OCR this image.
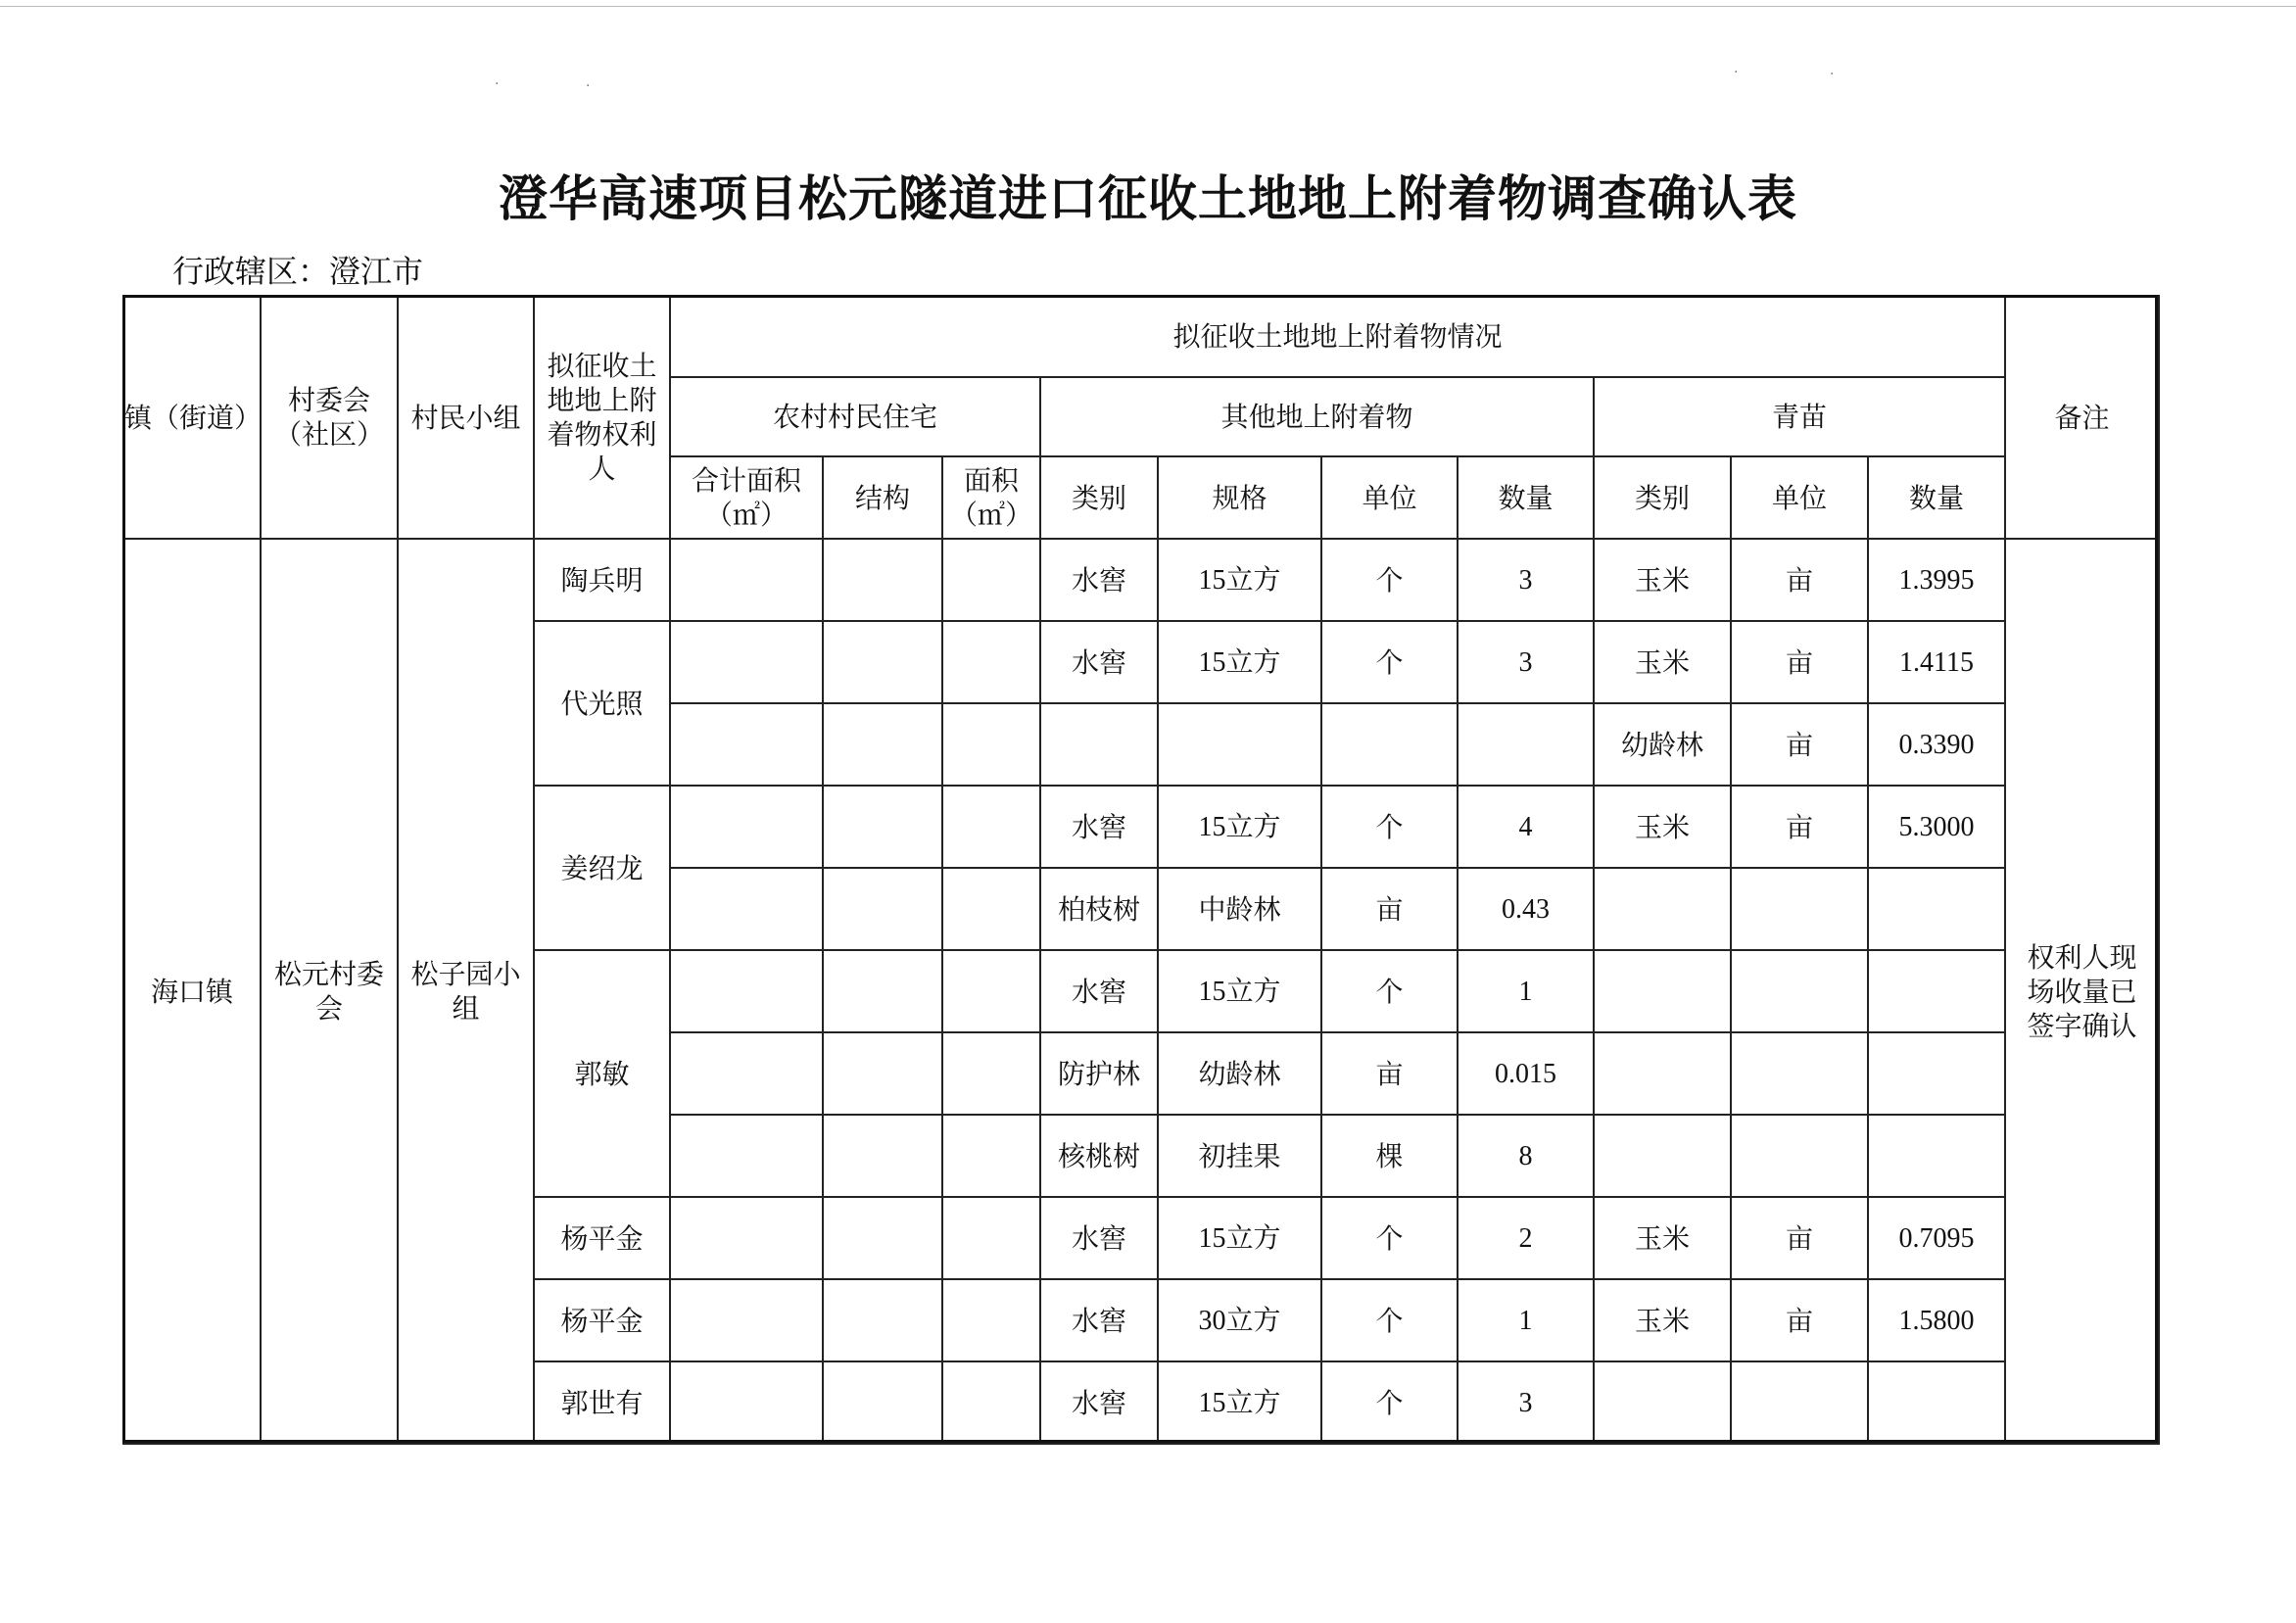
·	·
·	·
澄华高速项目松元隧道进口征收土地地上附着物调查确认表
行政辖区：澄江市
镇（街道）	村委会（社区）	村民小组	拟征收土地地上附着物权利人	拟征收土地地上附着物情况										备注
				农村村民住宅			其他地上附着物				青苗			
				合计面积（㎡）	结构	面积（㎡）	类别	规格	单位	数量	类别	单位	数量	
海口镇	松元村委会	松子园小组	陶兵明				水窖	15立方	个	3	玉米	亩	1.3995	权利人现场收量已签字确认
			代光照				水窖	15立方	个	3	玉米	亩	1.4115	
											幼龄林	亩	0.3390	
			姜绍龙				水窖	15立方	个	4	玉米	亩	5.3000	
							柏枝树	中龄林	亩	0.43				
			郭敏				水窖	15立方	个	1				
							防护林	幼龄林	亩	0.015				
							核桃树	初挂果	棵	8				
			杨平金				水窖	15立方	个	2	玉米	亩	0.7095	
			杨平金				水窖	30立方	个	1	玉米	亩	1.5800	
			郭世有				水窖	15立方	个	3				
